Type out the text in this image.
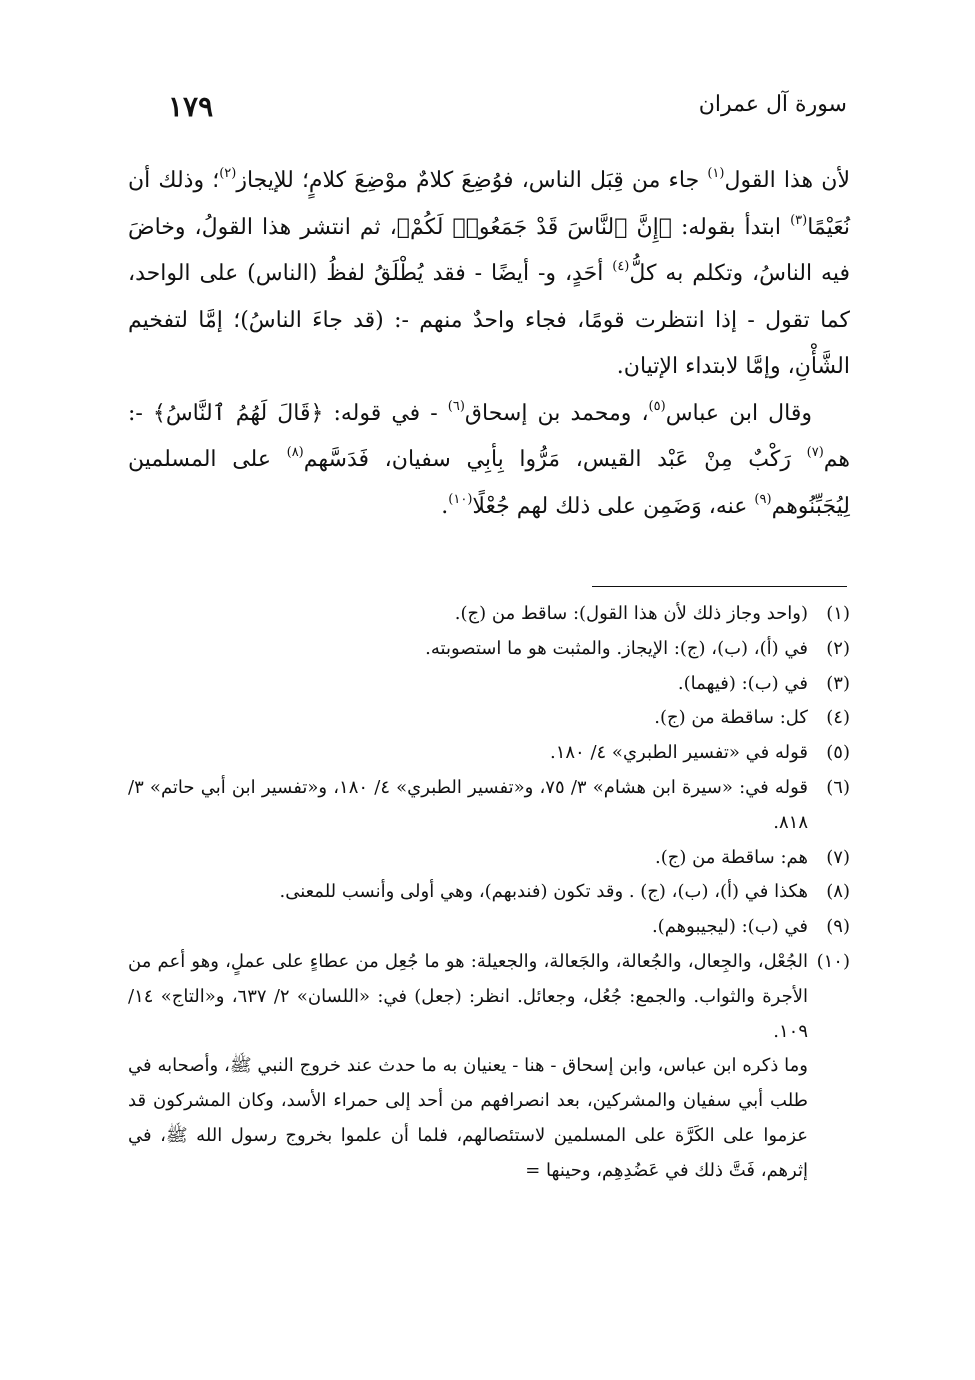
سورة آل عمران
١٧٩

لأن هذا القول$^{(١)}$ جاء من قِبَل الناس، فوُضِعَ كلامٌ موْضِعَ كلامٍ؛ للإيجاز$^{(٢)}$؛ وذلك أن نُعَيْمًا$^{(٣)}$ ابتدأ بقوله: ﴿إِنَّ ٱلنَّاسَ قَدْ جَمَعُوا۟ لَكُمْ﴾، ثم انتشر هذا القولُ، وخاضَ فيه الناسُ، وتكلم به كلُّ$^{(٤)}$ أحَدٍ، و- أيضًا - فقد يُطْلَقُ لفظُ (الناس) على الواحد، كما تقول - إذا انتظرت قومًا، فجاء واحدٌ منهم -: (قد جاءَ الناسُ)؛ إمَّا لتفخيم الشَّأْنِ، وإمَّا لابتداء الإتيان.

وقال ابن عباس$^{(٥)}$، ومحمد بن إسحاق$^{(٦)}$ - في قوله: ﴿قَالَ لَهُمُ ٱلنَّاسُ﴾ -: هم$^{(٧)}$ رَكْبٌ مِنْ عَبْد القيس، مَرُّوا بِأبِي سفيان، فَدَسَّهم$^{(٨)}$ على المسلمين لِيُجَبِّنُوهم$^{(٩)}$ عنه، وَضَمِن على ذلك لهم جُعْلًا$^{(١٠)}$.

(١)
(واحد وجاز ذلك لأن هذا القول): ساقط من (ج).
(٢)
في (أ)، (ب)، (ج): الإيجاز. والمثبت هو ما استصوبته.
(٣)
في (ب): (فيهما).
(٤)
كل: ساقطة من (ج).
(٥)
قوله في «تفسير الطبري» ٤/ ١٨٠.
(٦)
قوله في: «سيرة ابن هشام» ٣/ ٧٥، و«تفسير الطبري» ٤/ ١٨٠، و«تفسير ابن أبي حاتم» ٣/ ٨١٨.
(٧)
هم: ساقطة من (ج).
(٨)
هكذا في (أ)، (ب)، (ج) . وقد تكون (فندبهم)، وهي أولى وأنسب للمعنى.
(٩)
في (ب): (ليجيبوهم).
(١٠)
الجُعْل، والجِعال، والجُعالة، والجَعالة، والجعيلة: هو ما جُعِل من عطاءٍ على عملٍ، وهو أعم من الأجرة والثواب. والجمع: جُعُل، وجعائل. انظر: (جعل) في: «اللسان» ٢/ ٦٣٧، و«التاج» ١٤/ ١٠٩.
وما ذكره ابن عباس، وابن إسحاق - هنا - يعنيان به ما حدث عند خروج النبي ﷺ، وأصحابه في طلب أبي سفيان والمشركين، بعد انصرافهم من أحد إلى حمراء الأسد، وكان المشركون قد عزموا على الكَرَّة على المسلمين لاستئصالهم، فلما أن علموا بخروج رسول الله ﷺ، في إثرهم، فَتَّ ذلك في عَضُدِهِم، وحينها =
